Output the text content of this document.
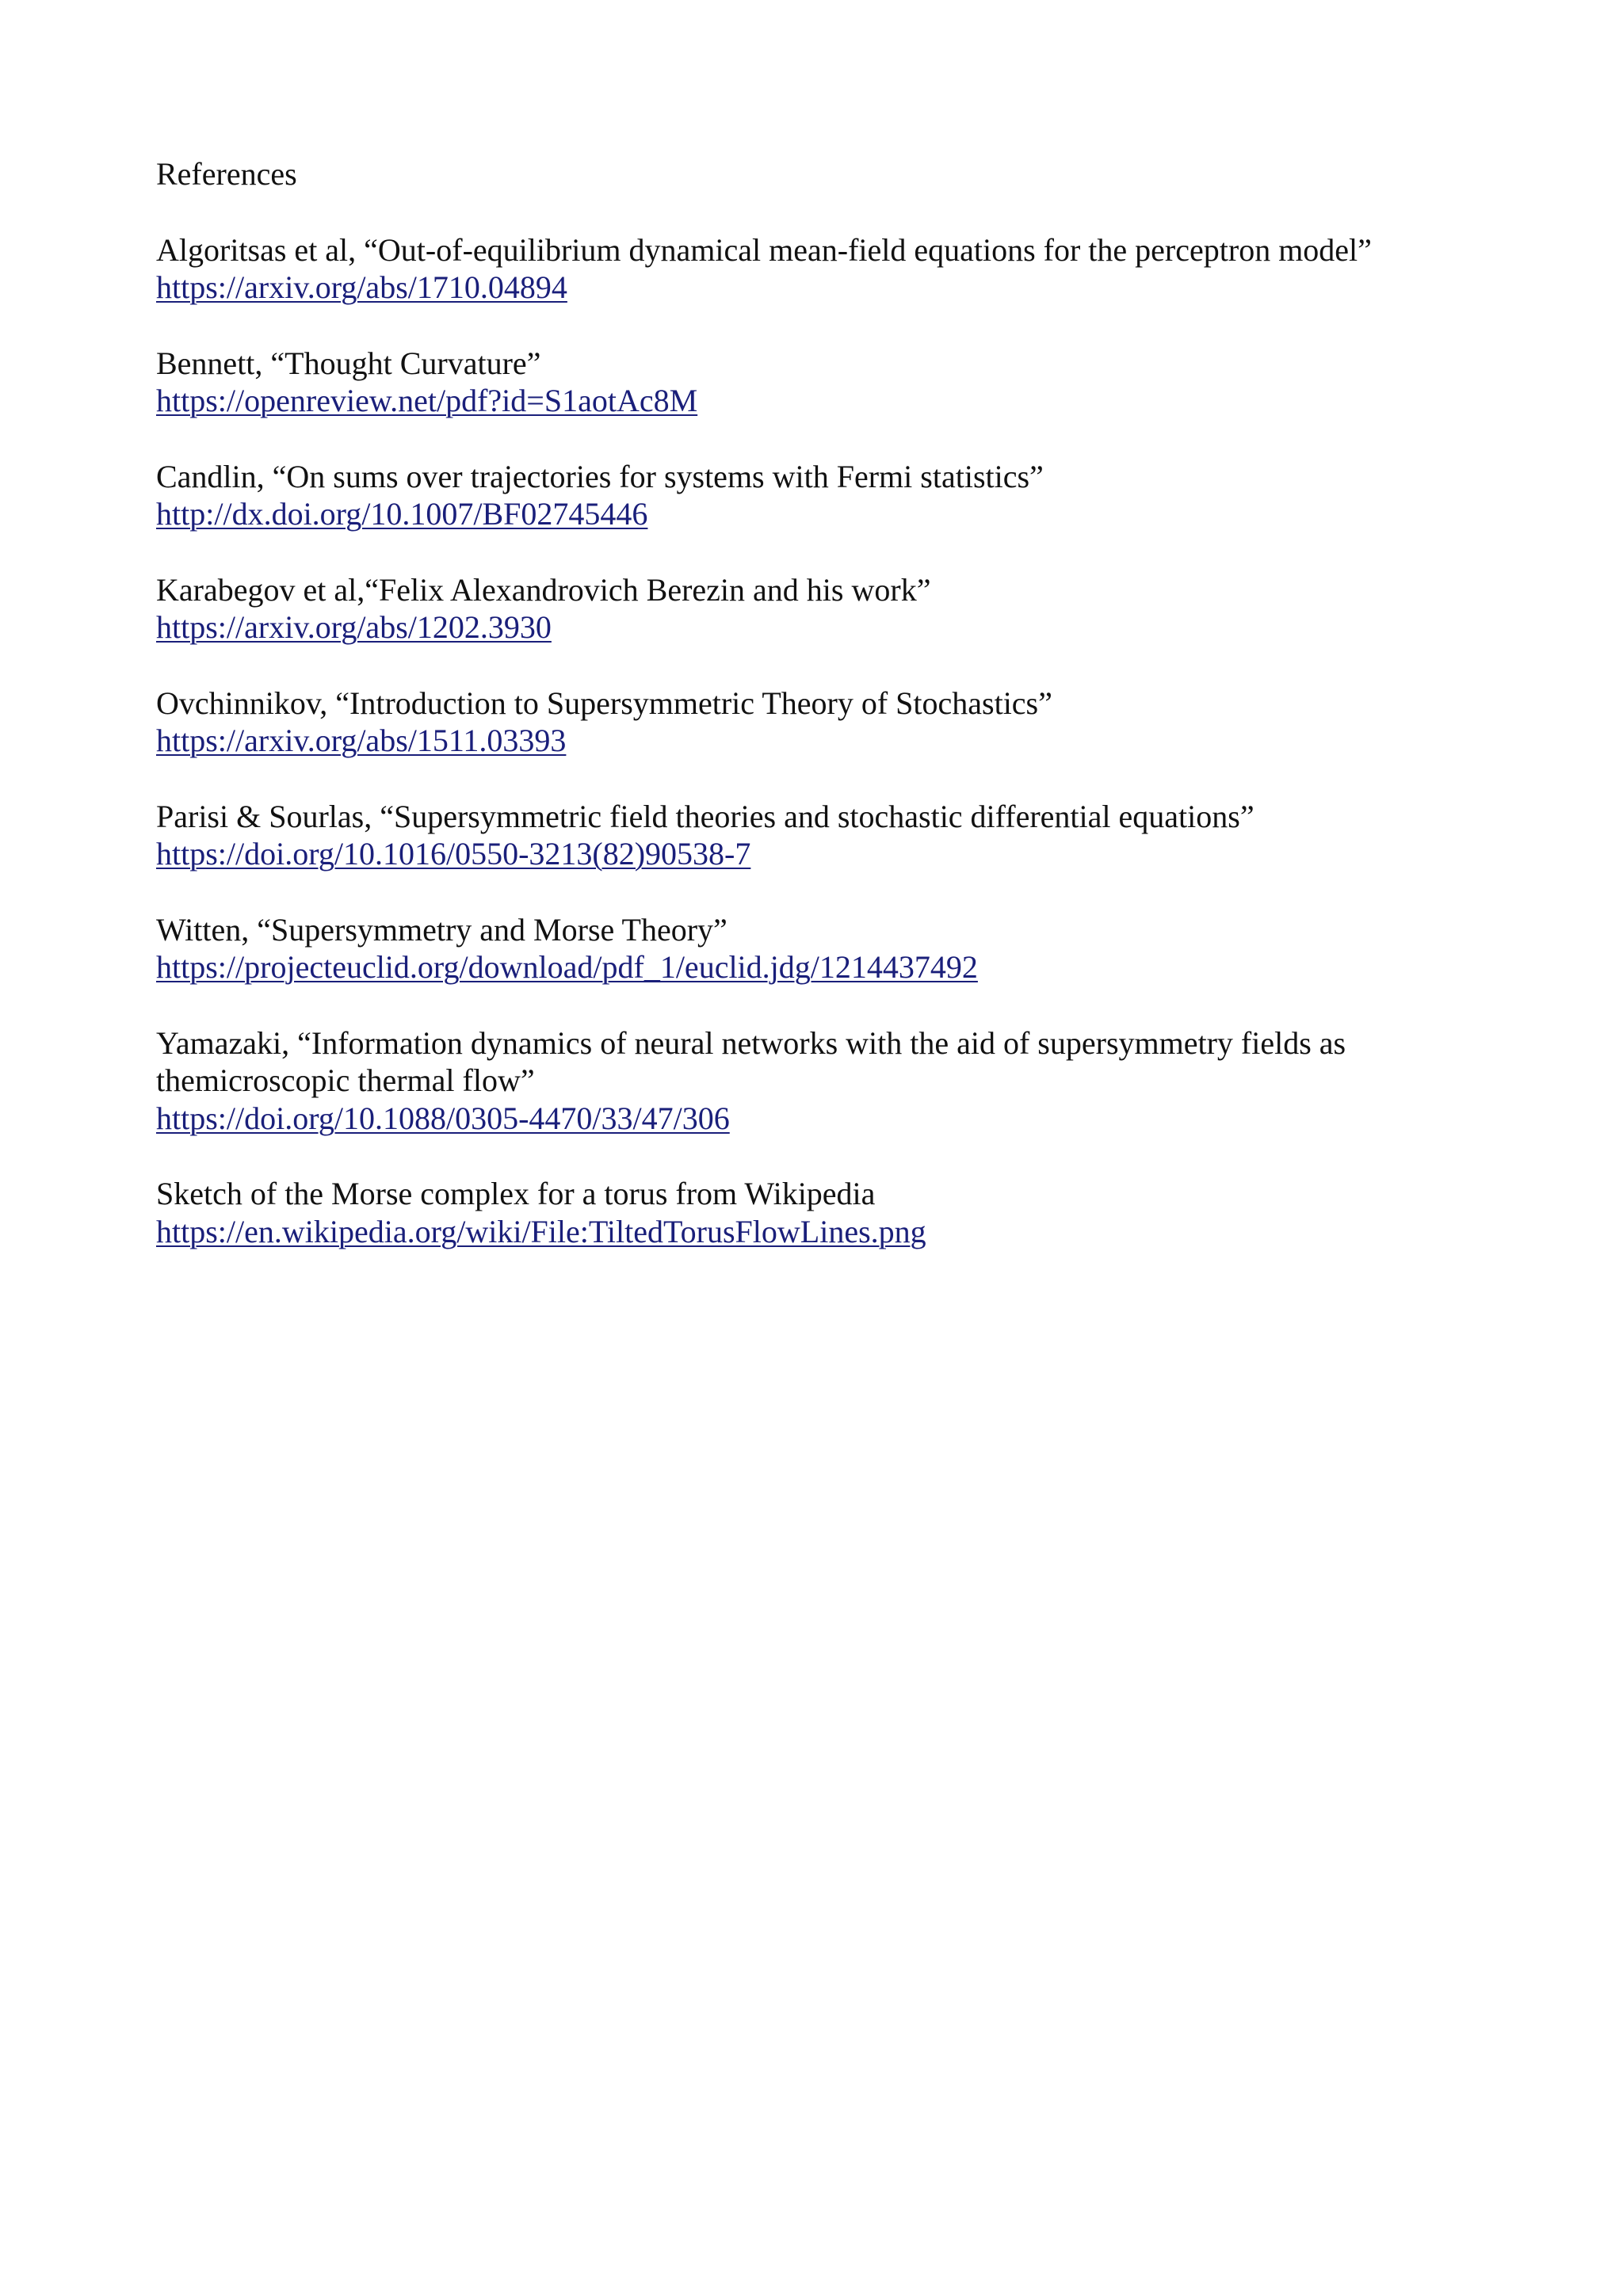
References
Algoritsas et al, “Out-of-equilibrium dynamical mean-field equations for the perceptron model”
https://arxiv.org/abs/1710.04894
Bennett, “Thought Curvature”
https://openreview.net/pdf?id=S1aotAc8M
Candlin, “On sums over trajectories for systems with Fermi statistics”
http://dx.doi.org/10.1007/BF02745446
Karabegov et al,“Felix Alexandrovich Berezin and his work”
https://arxiv.org/abs/1202.3930
Ovchinnikov, “Introduction to Supersymmetric Theory of Stochastics”
https://arxiv.org/abs/1511.03393
Parisi & Sourlas, “Supersymmetric field theories and stochastic differential equations”
https://doi.org/10.1016/0550-3213(82)90538-7
Witten, “Supersymmetry and Morse Theory”
https://projecteuclid.org/download/pdf_1/euclid.jdg/1214437492
Yamazaki, “Information dynamics of neural networks with the aid of supersymmetry fields as themicroscopic thermal flow”
https://doi.org/10.1088/0305-4470/33/47/306
Sketch of the Morse complex for a torus from Wikipedia
https://en.wikipedia.org/wiki/File:TiltedTorusFlowLines.png
